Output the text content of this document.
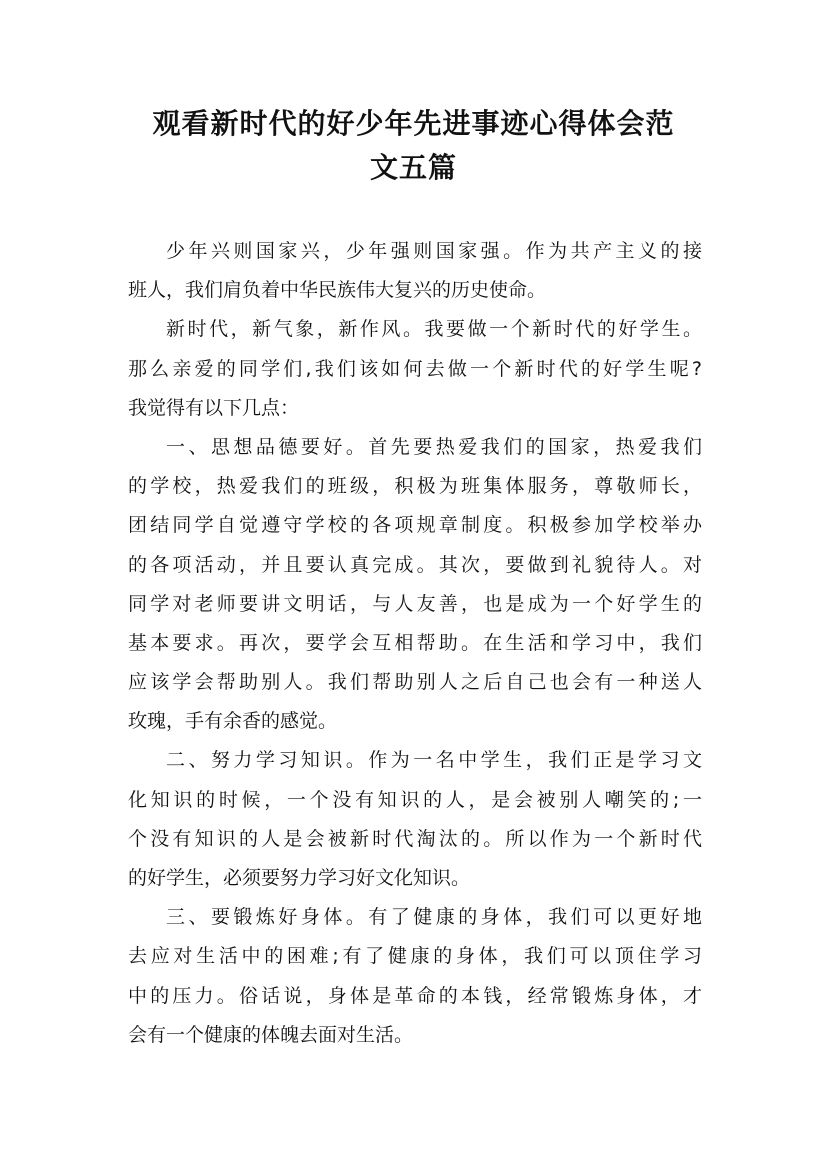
观看新时代的好少年先进事迹心得体会范
文五篇

少年兴则国家兴，少年强则国家强。作为共产主义的接
班人，我们肩负着中华民族伟大复兴的历史使命。

新时代，新气象，新作风。我要做一个新时代的好学生。
那么亲爱的同学们,我们该如何去做一个新时代的好学生呢?
我觉得有以下几点：

一、思想品德要好。首先要热爱我们的国家，热爱我们
的学校，热爱我们的班级，积极为班集体服务，尊敬师长，
团结同学自觉遵守学校的各项规章制度。积极参加学校举办
的各项活动，并且要认真完成。其次，要做到礼貌待人。对
同学对老师要讲文明话，与人友善，也是成为一个好学生的
基本要求。再次，要学会互相帮助。在生活和学习中，我们
应该学会帮助别人。我们帮助别人之后自己也会有一种送人
玫瑰，手有余香的感觉。

二、努力学习知识。作为一名中学生，我们正是学习文
化知识的时候，一个没有知识的人，是会被别人嘲笑的;一
个没有知识的人是会被新时代淘汰的。所以作为一个新时代
的好学生，必须要努力学习好文化知识。

三、要锻炼好身体。有了健康的身体，我们可以更好地
去应对生活中的困难;有了健康的身体，我们可以顶住学习
中的压力。俗话说，身体是革命的本钱，经常锻炼身体，才
会有一个健康的体魄去面对生活。
